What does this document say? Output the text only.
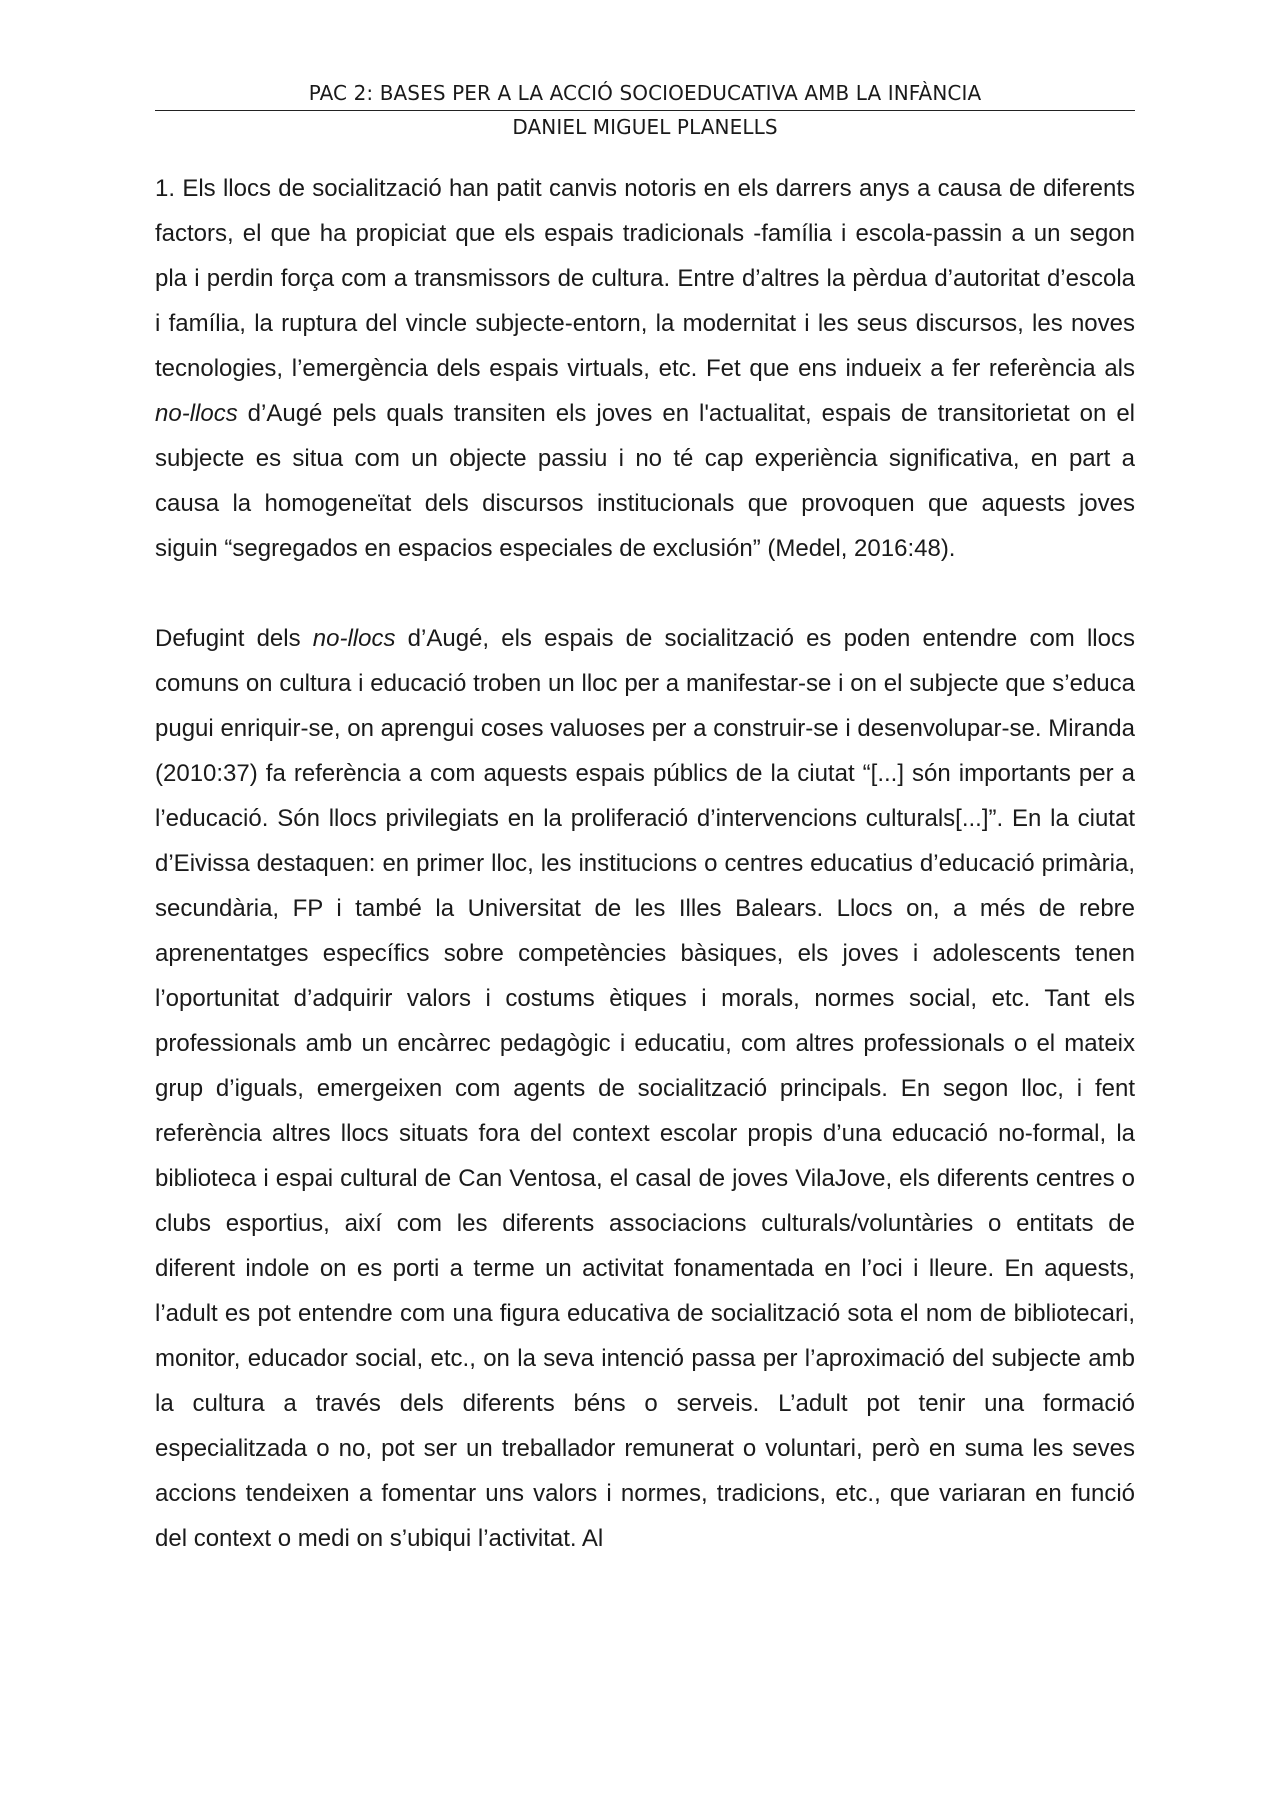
PAC 2: BASES PER A LA ACCIÓ SOCIOEDUCATIVA AMB LA INFÀNCIA
DANIEL MIGUEL PLANELLS

1. Els llocs de socialització han patit canvis notoris en els darrers anys a causa de diferents factors, el que ha propiciat que els espais tradicionals -família i escola-passin a un segon pla i perdin força com a transmissors de cultura. Entre d’altres la pèrdua d’autoritat d’escola i família, la ruptura del vincle subjecte-entorn, la modernitat i les seus discursos, les noves tecnologies, l’emergència dels espais virtuals, etc. Fet que ens indueix a fer referència als no-llocs d’Augé pels quals transiten els joves en l'actualitat, espais de transitorietat on el subjecte es situa com un objecte passiu i no té cap experiència significativa, en part a causa la homogeneïtat dels discursos institucionals que provoquen que aquests joves siguin “segregados en espacios especiales de exclusión” (Medel, 2016:48).

Defugint dels no-llocs d’Augé, els espais de socialització es poden entendre com llocs comuns on cultura i educació troben un lloc per a manifestar-se i on el subjecte que s’educa pugui enriquir-se, on aprengui coses valuoses per a construir-se i desenvolupar-se. Miranda (2010:37) fa referència a com aquests espais públics de la ciutat “[...] són importants per a l’educació. Són llocs privilegiats en la proliferació d’intervencions culturals[...]”. En la ciutat d’Eivissa destaquen: en primer lloc, les institucions o centres educatius d’educació primària, secundària, FP i també la Universitat de les Illes Balears. Llocs on, a més de rebre aprenentatges específics sobre competències bàsiques, els joves i adolescents tenen l’oportunitat d’adquirir valors i costums ètiques i morals, normes social, etc. Tant els professionals amb un encàrrec pedagògic i educatiu, com altres professionals o el mateix grup d’iguals, emergeixen com agents de socialització principals. En segon lloc, i fent referència altres llocs situats fora del context escolar propis d’una educació no-formal, la biblioteca i espai cultural de Can Ventosa, el casal de joves VilaJove, els diferents centres o clubs esportius, així com les diferents associacions culturals/voluntàries o entitats de diferent indole on es porti a terme un activitat fonamentada en l’oci i lleure. En aquests, l’adult es pot entendre com una figura educativa de socialització sota el nom de bibliotecari, monitor, educador social, etc., on la seva intenció passa per l’aproximació del subjecte amb la cultura a través dels diferents béns o serveis. L’adult pot tenir una formació especialitzada o no, pot ser un treballador remunerat o voluntari, però en suma les seves accions tendeixen a fomentar uns valors i normes, tradicions, etc., que variaran en funció del context o medi on s’ubiqui l’activitat. Al
